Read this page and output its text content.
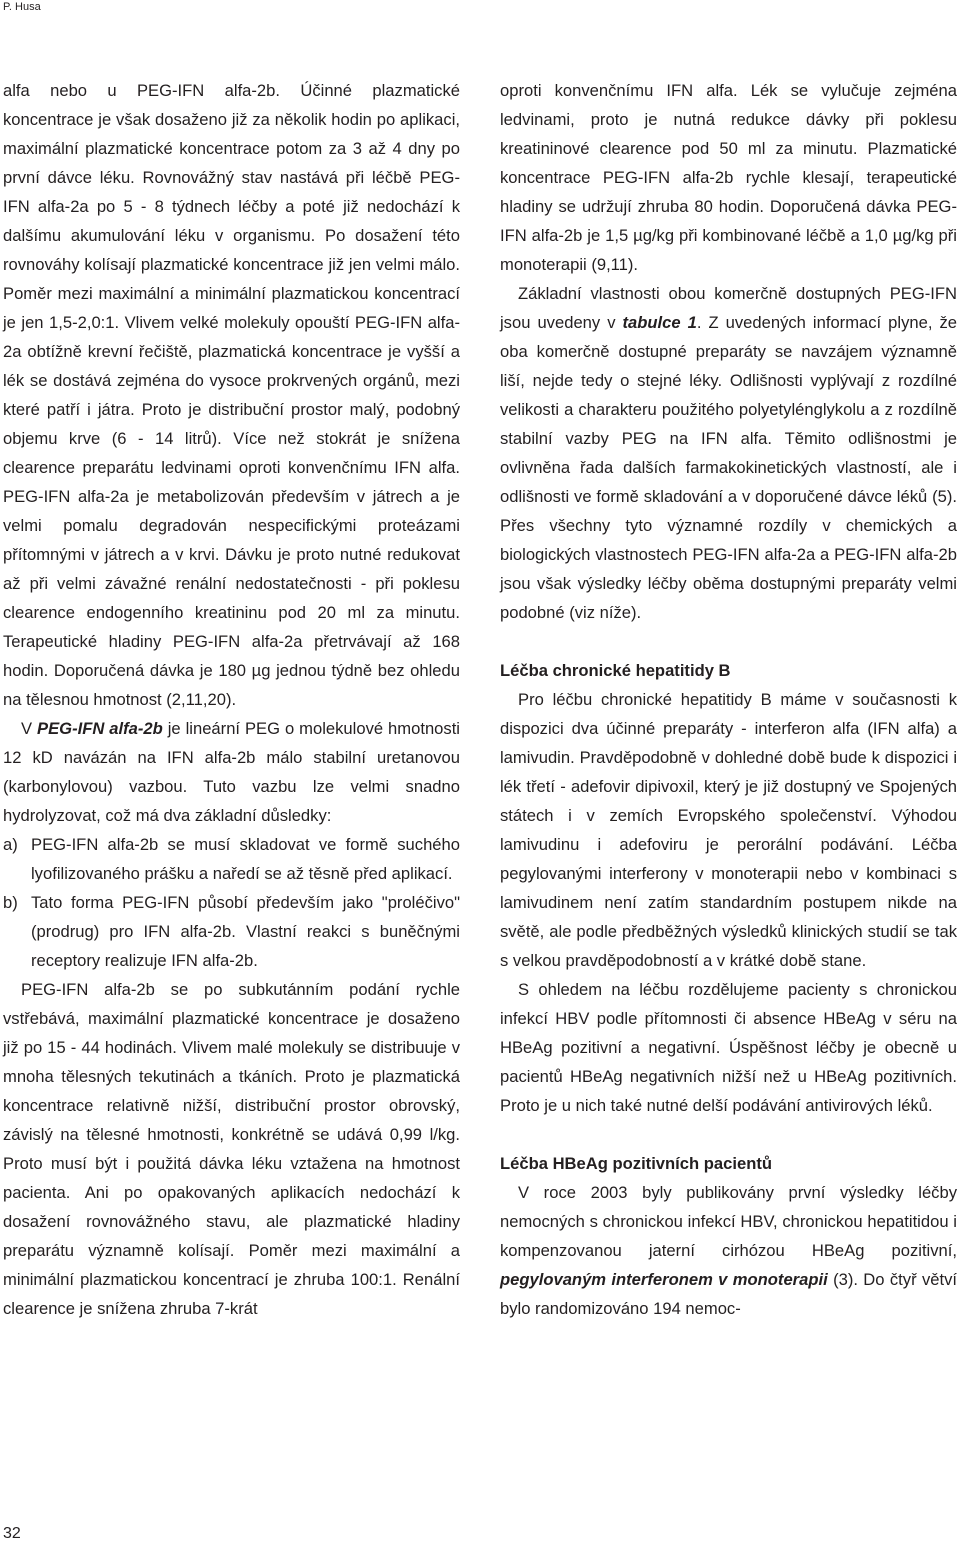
P. Husa

alfa nebo u PEG-IFN alfa-2b. Účinné plazmatické koncentrace je však dosaženo již za několik hodin po aplikaci, maximální plazmatické koncentrace potom za 3 až 4 dny po první dávce léku. Rovnovážný stav nastává při léčbě PEG-IFN alfa-2a po 5 - 8 týdnech léčby a poté již nedochází k dalšímu akumulování léku v organismu. Po dosažení této rovnováhy kolísají plazmatické koncentrace již jen velmi málo. Poměr mezi maximální a minimální plazmatickou koncentrací je jen 1,5-2,0:1. Vlivem velké molekuly opouští PEG-IFN alfa-2a obtížně krevní řečiště, plazmatická koncentrace je vyšší a lék se dostává zejména do vysoce prokrvených orgánů, mezi které patří i játra. Proto je distribuční prostor malý, podobný objemu krve (6 - 14 litrů). Více než stokrát je snížena clearence preparátu ledvinami oproti konvenčnímu IFN alfa. PEG-IFN alfa-2a je metabolizován především v játrech a je velmi pomalu degradován nespecifickými proteázami přítomnými v játrech a v krvi. Dávku je proto nutné redukovat až při velmi závažné renální nedostatečnosti - při poklesu clearence endogenního kreatininu pod 20 ml za minutu. Terapeutické hladiny PEG-IFN alfa-2a přetrvávají až 168 hodin. Doporučená dávka je 180 µg jednou týdně bez ohledu na tělesnou hmotnost (2,11,20).

V PEG-IFN alfa-2b je lineární PEG o molekulové hmotnosti 12 kD navázán na IFN alfa-2b málo stabilní uretanovou (karbonylovou) vazbou. Tuto vazbu lze velmi snadno hydrolyzovat, což má dva základní důsledky:

a) PEG-IFN alfa-2b se musí skladovat ve formě suchého lyofilizovaného prášku a naředí se až těsně před aplikací.
b) Tato forma PEG-IFN působí především jako "proléčivo" (prodrug) pro IFN alfa-2b. Vlastní reakci s buněčnými receptory realizuje IFN alfa-2b.

PEG-IFN alfa-2b se po subkutánním podání rychle vstřebává, maximální plazmatické koncentrace je dosaženo již po 15 - 44 hodinách. Vlivem malé molekuly se distribuuje v mnoha tělesných tekutinách a tkáních. Proto je plazmatická koncentrace relativně nižší, distribuční prostor obrovský, závislý na tělesné hmotnosti, konkrétně se udává 0,99 l/kg. Proto musí být i použitá dávka léku vztažena na hmotnost pacienta. Ani po opakovaných aplikacích nedochází k dosažení rovnovážného stavu, ale plazmatické hladiny preparátu významně kolísají. Poměr mezi maximální a minimální plazmatickou koncentrací je zhruba 100:1. Renální clearence je snížena zhruba 7-krát

oproti konvenčnímu IFN alfa. Lék se vylučuje zejména ledvinami, proto je nutná redukce dávky při poklesu kreatininové clearence pod 50 ml za minutu. Plazmatické koncentrace PEG-IFN alfa-2b rychle klesají, terapeutické hladiny se udržují zhruba 80 hodin. Doporučená dávka PEG-IFN alfa-2b je 1,5 µg/kg při kombinované léčbě a 1,0 µg/kg při monoterapii (9,11).

Základní vlastnosti obou komerčně dostupných PEG-IFN jsou uvedeny v tabulce 1. Z uvedených informací plyne, že oba komerčně dostupné preparáty se navzájem významně liší, nejde tedy o stejné léky. Odlišnosti vyplývají z rozdílné velikosti a charakteru použitého polyetylénglykolu a z rozdílně stabilní vazby PEG na IFN alfa. Těmito odlišnostmi je ovlivněna řada dalších farmakokinetických vlastností, ale i odlišnosti ve formě skladování a v doporučené dávce léků (5). Přes všechny tyto významné rozdíly v chemických a biologických vlastnostech PEG-IFN alfa-2a a PEG-IFN alfa-2b jsou však výsledky léčby oběma dostupnými preparáty velmi podobné (viz níže).

Léčba chronické hepatitidy B

Pro léčbu chronické hepatitidy B máme v současnosti k dispozici dva účinné preparáty - interferon alfa (IFN alfa) a lamivudin. Pravděpodobně v dohledné době bude k dispozici i lék třetí - adefovir dipivoxil, který je již dostupný ve Spojených státech i v zemích Evropského společenství. Výhodou lamivudinu i adefoviru je perorální podávání. Léčba pegylovanými interferony v monoterapii nebo v kombinaci s lamivudinem není zatím standardním postupem nikde na světě, ale podle předběžných výsledků klinických studií se tak s velkou pravděpodobností a v krátké době stane.

S ohledem na léčbu rozdělujeme pacienty s chronickou infekcí HBV podle přítomnosti či absence HBeAg v séru na HBeAg pozitivní a negativní. Úspěšnost léčby je obecně u pacientů HBeAg negativních nižší než u HBeAg pozitivních. Proto je u nich také nutné delší podávání antivirových léků.

Léčba HBeAg pozitivních pacientů

V roce 2003 byly publikovány první výsledky léčby nemocných s chronickou infekcí HBV, chronickou hepatitidou i kompenzovanou jaterní cirhózou HBeAg pozitivní, pegylovaným interferonem v monoterapii (3). Do čtyř větví bylo randomizováno 194 nemoc-

32
